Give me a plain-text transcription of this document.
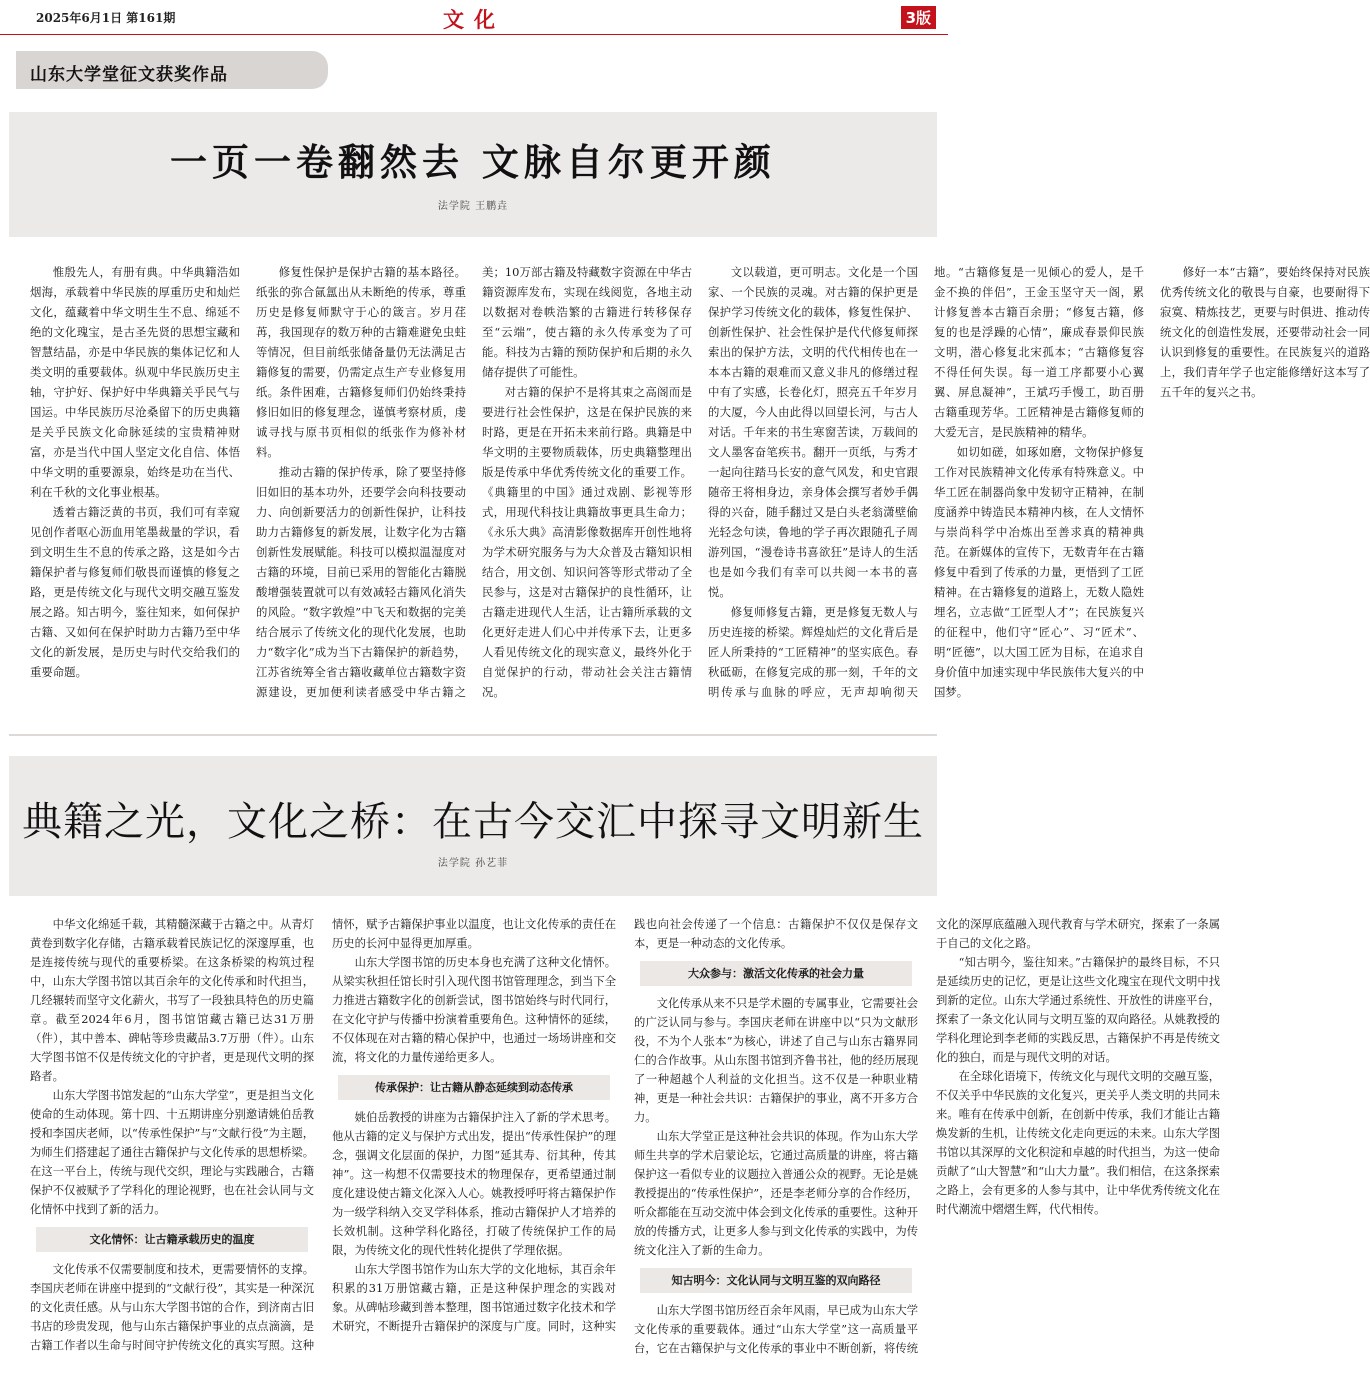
2025年6月1日 第161期	文化	3版
山东大学堂征文获奖作品
一页一卷翻然去 文脉自尔更开颜
法学院 王鹏垚

惟殷先人，有册有典。中华典籍浩如烟海，承载着中华民族的厚重历史和灿烂文化，蕴藏着中华文明生生不息、绵延不绝的文化瑰宝，是古圣先贤的思想宝藏和智慧结晶，亦是中华民族的集体记忆和人类文明的重要载体。纵观中华民族历史主轴，守护好、保护好中华典籍关乎民气与国运。中华民族历尽沧桑留下的历史典籍是关乎民族文化命脉延续的宝贵精神财富，亦是当代中国人坚定文化自信、体悟中华文明的重要源泉，始终是功在当代、利在千秋的文化事业根基。

透着古籍泛黄的书页，我们可有幸窥见创作者呕心沥血用笔墨裁量的学识，看到文明生生不息的传承之路，这是如今古籍保护者与修复师们敬畏而谨慎的修复之路，更是传统文化与现代文明交融互鉴发展之路。知古明今，鉴往知来，如何保护古籍、又如何在保护时助力古籍乃至中华文化的新发展，是历史与时代交给我们的重要命题。

修复性保护是保护古籍的基本路径。纸张的弥合氤氲出从未断绝的传承，尊重历史是修复师默守于心的箴言。岁月荏苒，我国现存的数万种的古籍难避免虫蛀等情况，但目前纸张储备量仍无法满足古籍修复的需要，仍需定点生产专业修复用纸。条件困难，古籍修复师们仍始终秉持修旧如旧的修复理念，谨慎考察材质，虔诚寻找与原书页相似的纸张作为修补材料。

推动古籍的保护传承，除了要坚持修旧如旧的基本功外，还要学会向科技要动力、向创新要活力的创新性保护，让科技助力古籍修复的新发展，让数字化为古籍创新性发展赋能。科技可以模拟温湿度对古籍的环境，目前已采用的智能化古籍脱酸增强装置就可以有效减轻古籍风化消失的风险。“数字敦煌”中飞天和数据的完美结合展示了传统文化的现代化发展，也助力“数字化”成为当下古籍保护的新趋势，江苏省统筹全省古籍收藏单位古籍数字资源建设，更加便利读者感受中华古籍之美；10万部古籍及特藏数字资源在中华古籍资源库发布，实现在线阅览，各地主动以数据对卷帙浩繁的古籍进行转移保存至“云端”，使古籍的永久传承变为了可能。科技为古籍的预防保护和后期的永久储存提供了可能性。

对古籍的保护不是将其束之高阁而是要进行社会性保护，这是在保护民族的来时路，更是在开拓未来前行路。典籍是中华文明的主要物质载体，历史典籍整理出版是传承中华优秀传统文化的重要工作。《典籍里的中国》通过戏剧、影视等形式，用现代科技让典籍故事更具生命力；《永乐大典》高清影像数据库开创性地将为学术研究服务与为大众普及古籍知识相结合，用文创、知识问答等形式带动了全民参与，这是对古籍保护的良性循环，让古籍走进现代人生活，让古籍所承载的文化更好走进人们心中并传承下去，让更多人看见传统文化的现实意义，最终外化于自觉保护的行动，带动社会关注古籍情况。

文以载道，更可明志。文化是一个国家、一个民族的灵魂。对古籍的保护更是保护学习传统文化的载体，修复性保护、创新性保护、社会性保护是代代修复师探索出的保护方法，文明的代代相传也在一本本古籍的艰难而又意义非凡的修缮过程中有了实感，长卷化灯，照亮五千年岁月的大厦，今人由此得以回望长河，与古人对话。千年来的书生寒窗苦读，万载间的文人墨客奋笔疾书。翻开一页纸，与秀才一起向往踏马长安的意气风发，和史官跟随帝王将相身边，亲身体会撰写者妙手偶得的兴奋，随手翻过又是白头老翁潇壁偷光轻念句读，鲁地的学子再次跟随孔子周游列国，“漫卷诗书喜欲狂”是诗人的生活也是如今我们有幸可以共阅一本书的喜悦。

修复师修复古籍，更是修复无数人与历史连接的桥梁。辉煌灿烂的文化背后是匠人所秉持的“工匠精神”的坚实底色。春秋砥砺，在修复完成的那一刻，千年的文明传承与血脉的呼应，无声却响彻天地。“古籍修复是一见倾心的爱人，是千金不换的伴侣”，王金玉坚守天一阁，累计修复善本古籍百余册；“修复古籍，修复的也是浮躁的心情”，廉成春景仰民族文明，潜心修复北宋孤本；“古籍修复容不得任何失误。每一道工序都要小心翼翼、屏息凝神”，王斌巧手慢工，助百册古籍重现芳华。工匠精神是古籍修复师的大爱无言，是民族精神的精华。

如切如磋，如琢如磨，文物保护修复工作对民族精神文化传承有特殊意义。中华工匠在制器尚象中发韧守正精神，在制度涵养中铸造民本精神内核，在人文情怀与崇尚科学中冶炼出至善求真的精神典范。在新媒体的宣传下，无数青年在古籍修复中看到了传承的力量，更悟到了工匠精神。在古籍修复的道路上，无数人隐姓埋名，立志做“工匠型人才”；在民族复兴的征程中，他们守“匠心”、习“匠术”、明“匠德”，以大国工匠为目标，在追求自身价值中加速实现中华民族伟大复兴的中国梦。

修好一本“古籍”，要始终保持对民族优秀传统文化的敬畏与自豪，也要耐得下寂寞、精炼技艺，更要与时俱进、推动传统文化的创造性发展，还要带动社会一同认识到修复的重要性。在民族复兴的道路上，我们青年学子也定能修缮好这本写了五千年的复兴之书。

典籍之光，文化之桥：在古今交汇中探寻文明新生
法学院 孙艺菲

中华文化绵延千载，其精髓深藏于古籍之中。从青灯黄卷到数字化存储，古籍承载着民族记忆的深邃厚重，也是连接传统与现代的重要桥梁。在这条桥梁的构筑过程中，山东大学图书馆以其百余年的文化传承和时代担当，几经辗转而坚守文化薪火，书写了一段独具特色的历史篇章。截至2024年6月，图书馆馆藏古籍已达31万册（件），其中善本、碑帖等珍贵藏品3.7万册（件）。山东大学图书馆不仅是传统文化的守护者，更是现代文明的探路者。

山东大学图书馆发起的“山东大学堂”，更是担当文化使命的生动体现。第十四、十五期讲座分别邀请姚伯岳教授和李国庆老师，以“传承性保护”与“文献行役”为主题，为师生们搭建起了通往古籍保护与文化传承的思想桥梁。在这一平台上，传统与现代交织，理论与实践融合，古籍保护不仅被赋予了学科化的理论视野，也在社会认同与文化情怀中找到了新的活力。

文化情怀：让古籍承载历史的温度

文化传承不仅需要制度和技术，更需要情怀的支撑。李国庆老师在讲座中提到的“文献行役”，其实是一种深沉的文化责任感。从与山东大学图书馆的合作，到济南古旧书店的珍贵发现，他与山东古籍保护事业的点点滴滴，是古籍工作者以生命与时间守护传统文化的真实写照。这种情怀，赋予古籍保护事业以温度，也让文化传承的责任在历史的长河中显得更加厚重。

山东大学图书馆的历史本身也充满了这种文化情怀。从梁实秋担任馆长时引入现代图书馆管理理念，到当下全力推进古籍数字化的创新尝试，图书馆始终与时代同行，在文化守护与传播中扮演着重要角色。这种情怀的延续，不仅体现在对古籍的精心保护中，也通过一场场讲座和交流，将文化的力量传递给更多人。

传承保护：让古籍从静态延续到动态传承

姚伯岳教授的讲座为古籍保护注入了新的学术思考。他从古籍的定义与保护方式出发，提出“传承性保护”的理念，强调文化层面的保护，力图“延其寿、衍其种，传其神”。这一构想不仅需要技术的物理保存，更希望通过制度化建设使古籍文化深入人心。姚教授呼吁将古籍保护作为一级学科纳入交叉学科体系，推动古籍保护人才培养的长效机制。这种学科化路径，打破了传统保护工作的局限，为传统文化的现代性转化提供了学理依据。

山东大学图书馆作为山东大学的文化地标，其百余年积累的31万册馆藏古籍，正是这种保护理念的实践对象。从碑帖珍藏到善本整理，图书馆通过数字化技术和学术研究，不断提升古籍保护的深度与广度。同时，这种实践也向社会传递了一个信息：古籍保护不仅仅是保存文本，更是一种动态的文化传承。

大众参与：激活文化传承的社会力量

文化传承从来不只是学术圈的专属事业，它需要社会的广泛认同与参与。李国庆老师在讲座中以“只为文献形役，不为个人张本”为核心，讲述了自己与山东古籍界同仁的合作故事。从山东图书馆到齐鲁书社，他的经历展现了一种超越个人利益的文化担当。这不仅是一种职业精神，更是一种社会共识：古籍保护的事业，离不开多方合力。

山东大学堂正是这种社会共识的体现。作为山东大学师生共享的学术启蒙论坛，它通过高质量的讲座，将古籍保护这一看似专业的议题拉入普通公众的视野。无论是姚教授提出的“传承性保护”，还是李老师分享的合作经历，听众都能在互动交流中体会到文化传承的重要性。这种开放的传播方式，让更多人参与到文化传承的实践中，为传统文化注入了新的生命力。

知古明今：文化认同与文明互鉴的双向路径

山东大学图书馆历经百余年风雨，早已成为山东大学文化传承的重要载体。通过“山东大学堂”这一高质量平台，它在古籍保护与文化传承的事业中不断创新，将传统文化的深厚底蕴融入现代教育与学术研究，探索了一条属于自己的文化之路。

“知古明今，鉴往知来。”古籍保护的最终目标，不只是延续历史的记忆，更是让这些文化瑰宝在现代文明中找到新的定位。山东大学通过系统性、开放性的讲座平台，探索了一条文化认同与文明互鉴的双向路径。从姚教授的学科化理论到李老师的实践反思，古籍保护不再是传统文化的独白，而是与现代文明的对话。

在全球化语境下，传统文化与现代文明的交融互鉴，不仅关乎中华民族的文化复兴，更关乎人类文明的共同未来。唯有在传承中创新，在创新中传承，我们才能让古籍焕发新的生机，让传统文化走向更远的未来。山东大学图书馆以其深厚的文化积淀和卓越的时代担当，为这一使命贡献了“山大智慧”和“山大力量”。我们相信，在这条探索之路上，会有更多的人参与其中，让中华优秀传统文化在时代潮流中熠熠生辉，代代相传。
